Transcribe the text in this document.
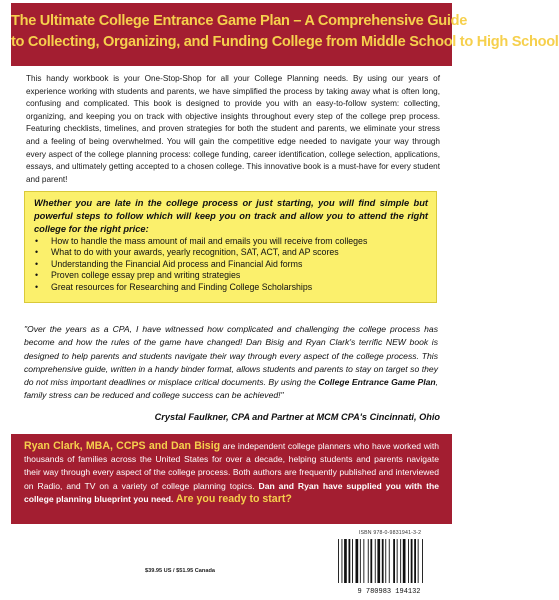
The Ultimate College Entrance Game Plan – A Comprehensive Guide
to Collecting, Organizing, and Funding College from Middle School to High School
This handy workbook is your One-Stop-Shop for all your College Planning needs. By using our years of experience working with students and parents, we have simplified the process by taking away what is often long, confusing and complicated. This book is designed to provide you with an easy-to-follow system: collecting, organizing, and keeping you on track with objective insights throughout every step of the college prep process. Featuring checklists, timelines, and proven strategies for both the student and parents, we eliminate your stress and a feeling of being overwhelmed. You will gain the competitive edge needed to navigate your way through every aspect of the college planning process: college funding, career identification, college selection, applications, essays, and ultimately getting accepted to a chosen college. This innovative book is a must-have for every student and parent!
Whether you are late in the college process or just starting, you will find simple but powerful steps to follow which will keep you on track and allow you to attend the right college for the right price:
• How to handle the mass amount of mail and emails you will receive from colleges
• What to do with your awards, yearly recognition, SAT, ACT, and AP scores
• Understanding the Financial Aid process and Financial Aid forms
• Proven college essay prep and writing strategies
• Great resources for Researching and Finding College Scholarships
"Over the years as a CPA, I have witnessed how complicated and challenging the college process has become and how the rules of the game have changed! Dan Bisig and Ryan Clark's terrific NEW book is designed to help parents and students navigate their way through every aspect of the college process. This comprehensive guide, written in a handy binder format, allows students and parents to stay on target so they do not miss important deadlines or misplace critical documents. By using the College Entrance Game Plan, family stress can be reduced and college success can be achieved!"
Crystal Faulkner, CPA and Partner at MCM CPA's Cincinnati, Ohio
Ryan Clark, MBA, CCPS and Dan Bisig are independent college planners who have worked with thousands of families across the United States for over a decade, helping students and parents navigate their way through every aspect of the college process. Both authors are frequently published and interviewed on Radio, and TV on a variety of college planning topics. Dan and Ryan have supplied you with the college planning blueprint you need. Are you ready to start?
$39.95 US / $51.95 Canada
ISBN 978-0-9831941-3-2
9 780983 194132
